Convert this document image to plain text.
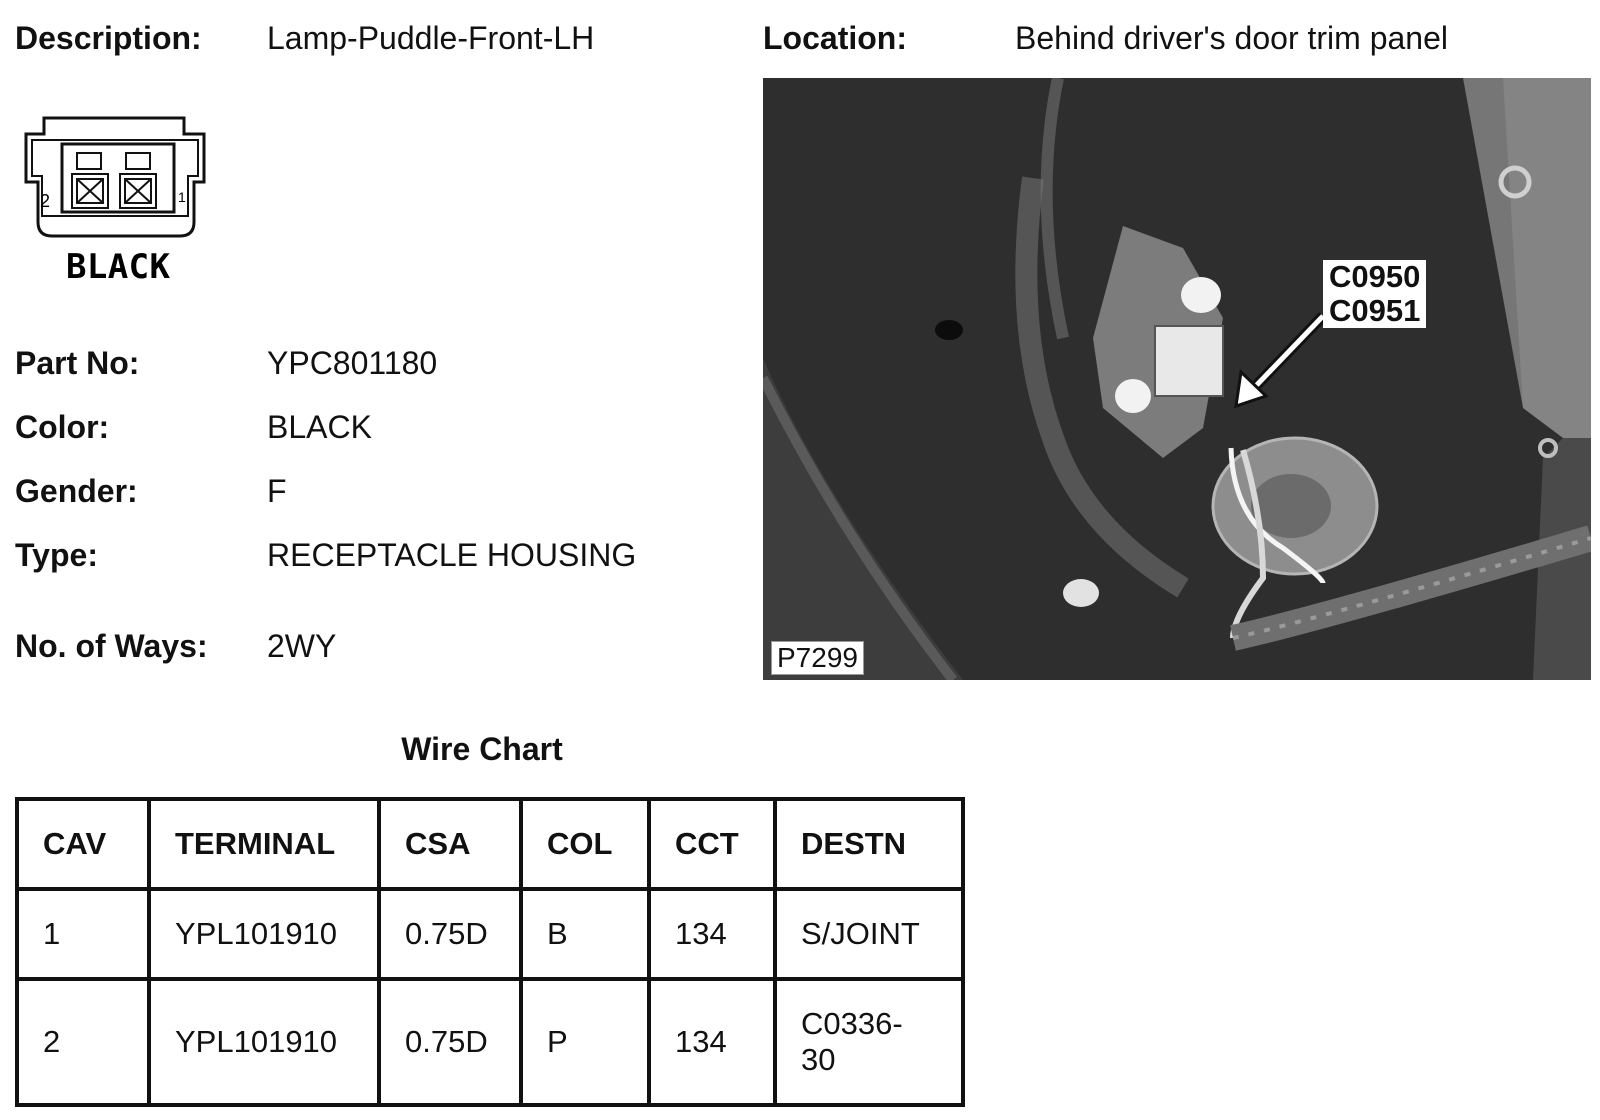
Description: Lamp-Puddle-Front-LH	Location:	Behind driver's door trim panel
2	1
BLACK
Part No:	YPC801180
Color:	BLACK
Gender:	F
Type:	RECEPTACLE HOUSING
No. of Ways: 2WY
C0950
C0951
P7299
Wire Chart
CAV	TERMINAL	CSA	COL	CCT	DESTN
1	YPL101910	0.75D	B	134	S/JOINT
2	YPL101910	0.75D	P	134	C0336-30
